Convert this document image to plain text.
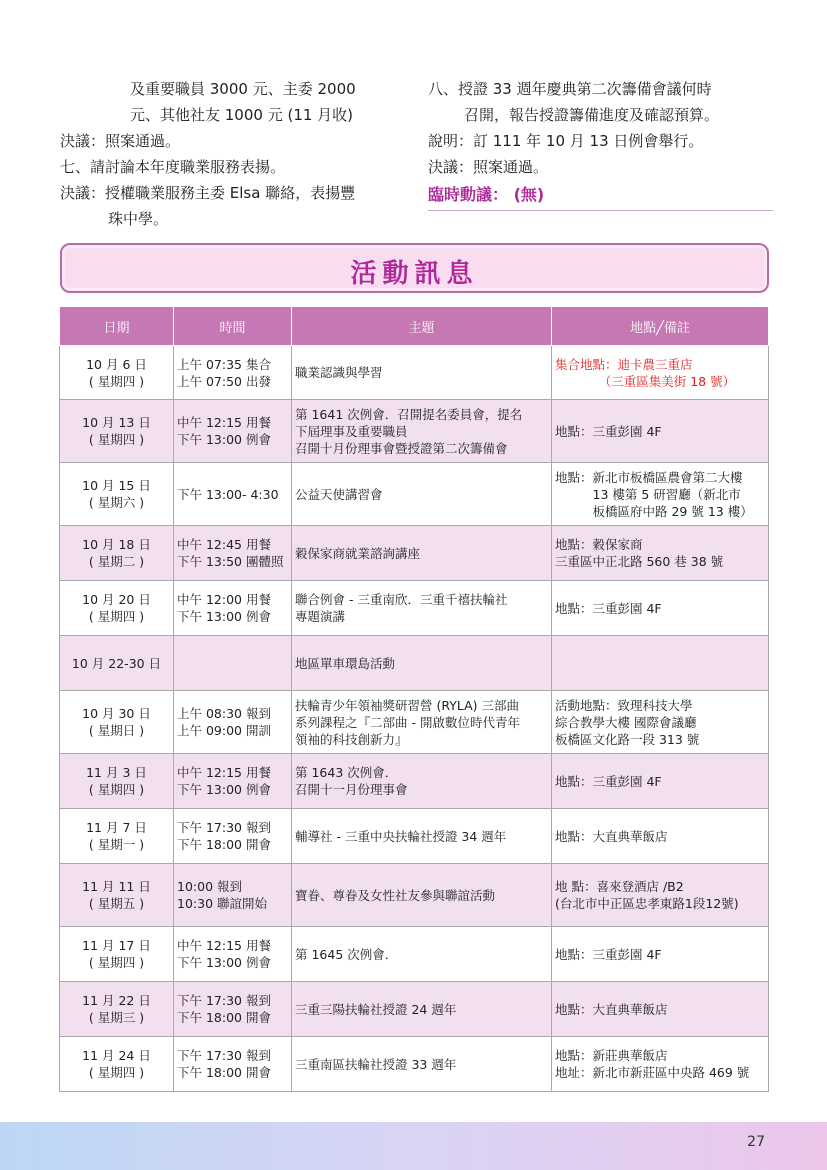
及重要職員 3000 元、主委 2000
元、其他社友 1000 元 (11 月收)
決議：照案通過。
七、請討論本年度職業服務表揚。
決議：授權職業服務主委 Elsa 聯絡，表揚豐
珠中學。
八、授證 33 週年慶典第二次籌備會議何時
召開，報告授證籌備進度及確認預算。
說明：訂 111 年 10 月 13 日例會舉行。
決議：照案通過。
臨時動議： (無)
活動訊息
日期	時間	主題	地點╱備註
10 月 6 日
( 星期四 )	上午 07:35 集合
上午 07:50 出發	職業認識與學習	集合地點：迪卡農三重店
　　　　（三重區集美街 18 號）
10 月 13 日
( 星期四 )	中午 12:15 用餐
下午 13:00 例會	第 1641 次例會．召開提名委員會，提名
下屆理事及重要職員
召開十月份理事會暨授證第二次籌備會	地點：三重彭園 4F
10 月 15 日
( 星期六 )	下午 13:00- 4:30	公益天使講習會	地點：新北市板橋區農會第二大樓
　　　13 樓第 5 研習廳（新北市
　　　板橋區府中路 29 號 13 樓）
10 月 18 日
( 星期二 )	中午 12:45 用餐
下午 13:50 團體照	穀保家商就業諮詢講座	地點：穀保家商
三重區中正北路 560 巷 38 號
10 月 20 日
( 星期四 )	中午 12:00 用餐
下午 13:00 例會	聯合例會 - 三重南欣．三重千禧扶輪社
專題演講	地點：三重彭園 4F
10 月 22-30 日		地區單車環島活動	
10 月 30 日
( 星期日 )	上午 08:30 報到
上午 09:00 開訓	扶輪青少年領袖獎研習營 (RYLA) 三部曲
系列課程之『二部曲 - 開啟數位時代青年
領袖的科技創新力』	活動地點：致理科技大學
綜合教學大樓 國際會議廳
板橋區文化路一段 313 號
11 月 3 日
( 星期四 )	中午 12:15 用餐
下午 13:00 例會	第 1643 次例會．
召開十一月份理事會	地點：三重彭園 4F
11 月 7 日
( 星期一 )	下午 17:30 報到
下午 18:00 開會	輔導社 - 三重中央扶輪社授證 34 週年	地點：大直典華飯店
11 月 11 日
( 星期五 )	10:00 報到
10:30 聯誼開始	寶眷、尊眷及女性社友參與聯誼活動	地 點：喜來登酒店 /B2
(台北市中正區忠孝東路1段12號)
11 月 17 日
( 星期四 )	中午 12:15 用餐
下午 13:00 例會	第 1645 次例會．	地點：三重彭園 4F
11 月 22 日
( 星期三 )	下午 17:30 報到
下午 18:00 開會	三重三陽扶輪社授證 24 週年	地點：大直典華飯店
11 月 24 日
( 星期四 )	下午 17:30 報到
下午 18:00 開會	三重南區扶輪社授證 33 週年	地點：新莊典華飯店
地址：新北市新莊區中央路 469 號
27
